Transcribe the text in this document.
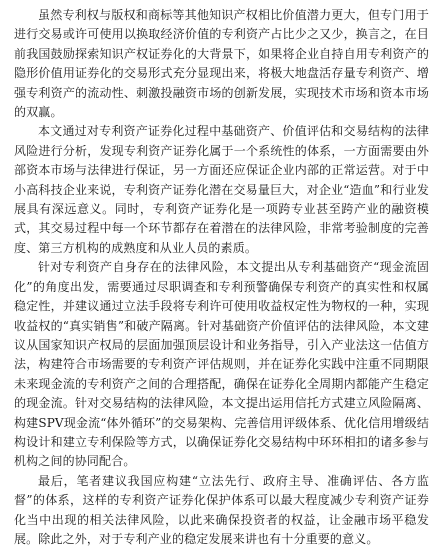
虽然专利权与版权和商标等其他知识产权相比价值潜力更大，但专门用于进行交易或许可使用以换取经济价值的专利资产占比少之又少，换言之，在目前我国鼓励探索知识产权证券化的大背景下，如果将企业自持自用专利资产的隐形价值用证券化的交易形式充分显现出来，将极大地盘活存量专利资产、增强专利资产的流动性、刺激投融资市场的创新发展，实现技术市场和资本市场的双赢。

本文通过对专利资产证券化过程中基础资产、价值评估和交易结构的法律风险进行分析，发现专利资产证券化属于一个系统性的体系，一方面需要由外部资本市场与法律进行保证，另一方面还应保证企业内部的正常运营。对于中小高科技企业来说，专利资产证券化潜在交易量巨大，对企业“造血”和行业发展具有深远意义。同时，专利资产证券化是一项跨专业甚至跨产业的融资模式，其交易过程中每一个环节都存在着潜在的法律风险，非常考验制度的完善度、第三方机构的成熟度和从业人员的素质。

针对专利资产自身存在的法律风险，本文提出从专利基础资产“现金流固化”的角度出发，需要通过尽职调查和专利预警确保专利资产的真实性和权属稳定性，并建议通过立法手段将专利许可使用收益权定性为物权的一种，实现收益权的“真实销售”和破产隔离。针对基础资产价值评估的法律风险，本文建议从国家知识产权局的层面加强顶层设计和业务指导，引入产业法这一估值方法，构建符合市场需要的专利资产评估规则，并在证券化实践中注重不同期限未来现金流的专利资产之间的合理搭配，确保在证券化全周期内都能产生稳定的现金流。针对交易结构的法律风险，本文提出运用信托方式建立风险隔离、构建SPV现金流“体外循环”的交易架构、完善信用评级体系、优化信用增级结构设计和建立专利保险等方式，以确保证券化交易结构中环环相扣的诸多参与机构之间的协同配合。

最后，笔者建议我国应构建“立法先行、政府主导、准确评估、各方监督”的体系，这样的专利资产证券化保护体系可以最大程度减少专利资产证券化当中出现的相关法律风险，以此来确保投资者的权益，让金融市场平稳发展。除此之外，对于专利产业的稳定发展来讲也有十分重要的意义。
